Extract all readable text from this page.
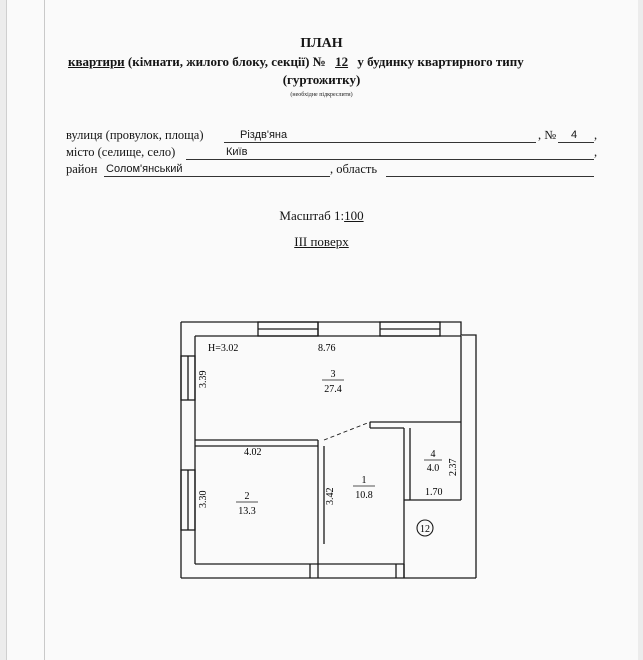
ПЛАН
квартири (кімнати, жилого блоку, секції) № 12 у будинку квартирного типу
(гуртожитку)
(необхідне підкреслити)
вулиця (провулок, площа)	Різдв'яна	, № 4 ,
місто (селище, село)	Київ	,
район Солом'янський	, область
Масштаб 1:100
III поверх
12
H=3.02	8.76
3.39
3.30
4.02
3.42
2.37
1.70
3
27.4
2
13.3
1
10.8
4
4.0
